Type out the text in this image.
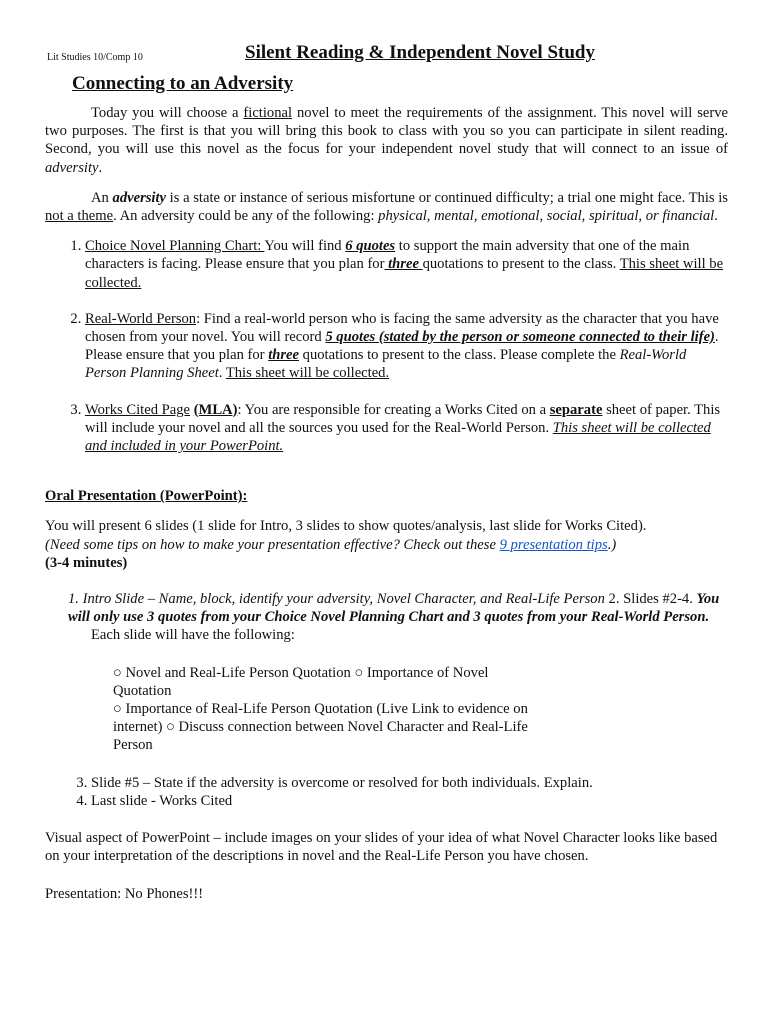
Lit Studies 10/Comp 10	Silent Reading & Independent Novel Study
Connecting to an Adversity

Today you will choose a fictional novel to meet the requirements of the assignment. This novel will serve two purposes. The first is that you will bring this book to class with you so you can participate in silent reading. Second, you will use this novel as the focus for your independent novel study that will connect to an issue of adversity.

An adversity is a state or instance of serious misfortune or continued difficulty; a trial one might face. This is not a theme. An adversity could be any of the following: physical, mental, emotional, social, spiritual, or financial.

1. Choice Novel Planning Chart: You will find 6 quotes to support the main adversity that one of the main characters is facing. Please ensure that you plan for three quotations to present to the class. This sheet will be collected.
2. Real-World Person: Find a real-world person who is facing the same adversity as the character that you have chosen from your novel. You will record 5 quotes (stated by the person or someone connected to their life). Please ensure that you plan for three quotations to present to the class. Please complete the Real-World Person Planning Sheet. This sheet will be collected.
3. Works Cited Page (MLA): You are responsible for creating a Works Cited on a separate sheet of paper. This will include your novel and all the sources you used for the Real-World Person. This sheet will be collected and included in your PowerPoint.

Oral Presentation (PowerPoint):

You will present 6 slides (1 slide for Intro, 3 slides to show quotes/analysis, last slide for Works Cited).

(Need some tips on how to make your presentation effective? Check out these 9 presentation tips.)

(3-4 minutes)

1. Intro Slide – Name, block, identify your adversity, Novel Character, and Real-Life Person 2. Slides #2-4. You will only use 3 quotes from your Choice Novel Planning Chart and 3 quotes from your Real-World Person.

Each slide will have the following:

○ Novel and Real-Life Person Quotation ○ Importance of Novel Quotation

○ Importance of Real-Life Person Quotation (Live Link to evidence on internet) ○ Discuss connection between Novel Character and Real-Life Person

3. Slide #5 – State if the adversity is overcome or resolved for both individuals. Explain.
4. Last slide - Works Cited

Visual aspect of PowerPoint – include images on your slides of your idea of what Novel Character looks like based on your interpretation of the descriptions in novel and the Real-Life Person you have chosen.

Presentation: No Phones!!!
